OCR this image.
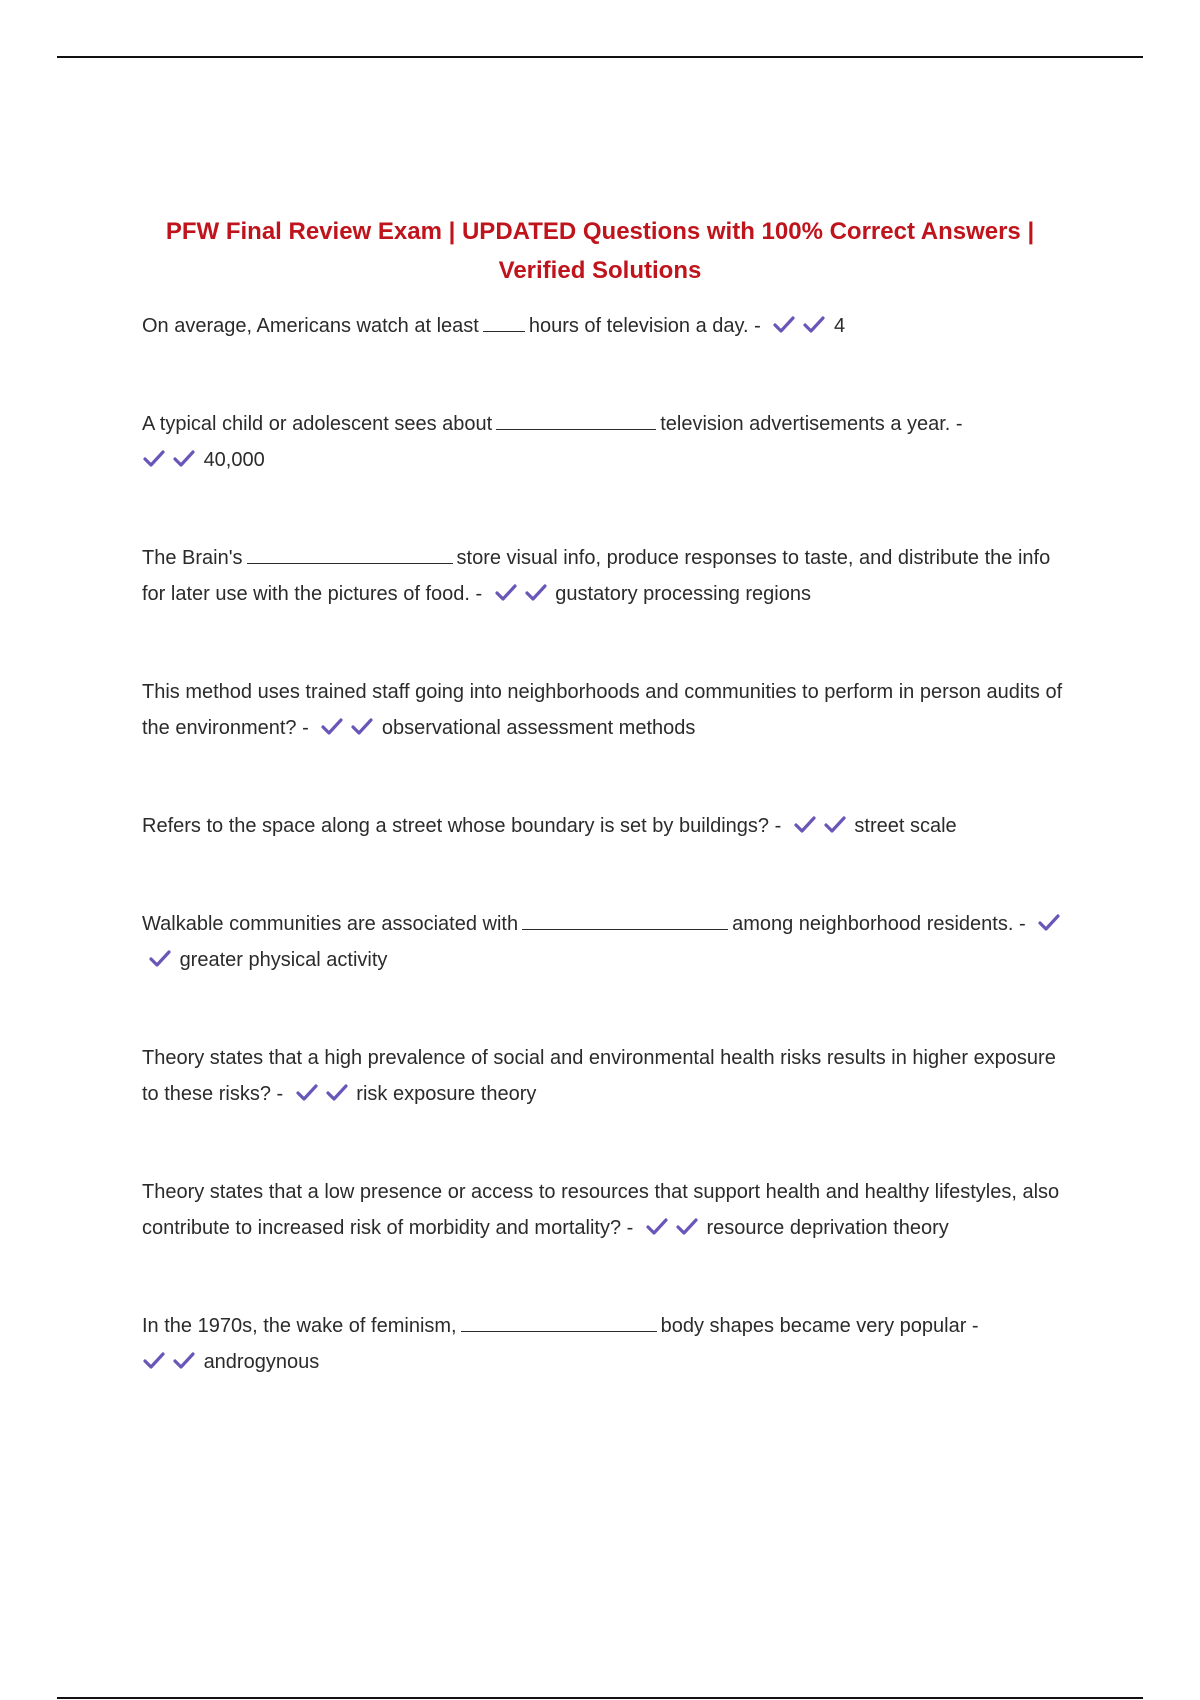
PFW Final Review Exam | UPDATED Questions with 100% Correct Answers |
Verified Solutions

On average, Americans watch at least	hours of television a day. -	4

A typical child or adolescent sees about	television advertisements a year. -

40,000

The Brain's	store visual info, produce responses to taste, and distribute the info for later use with the pictures of food. -	gustatory processing regions

This method uses trained staff going into neighborhoods and communities to perform in person audits of the environment? -	observational assessment methods

Refers to the space along a street whose boundary is set by buildings? -	street scale

Walkable communities are associated with	among neighborhood residents. -
greater physical activity

Theory states that a high prevalence of social and environmental health risks results in higher exposure to these risks? -	risk exposure theory

Theory states that a low presence or access to resources that support health and healthy lifestyles, also contribute to increased risk of morbidity and mortality? -	resource deprivation theory

In the 1970s, the wake of feminism,	body shapes became very popular -

androgynous
